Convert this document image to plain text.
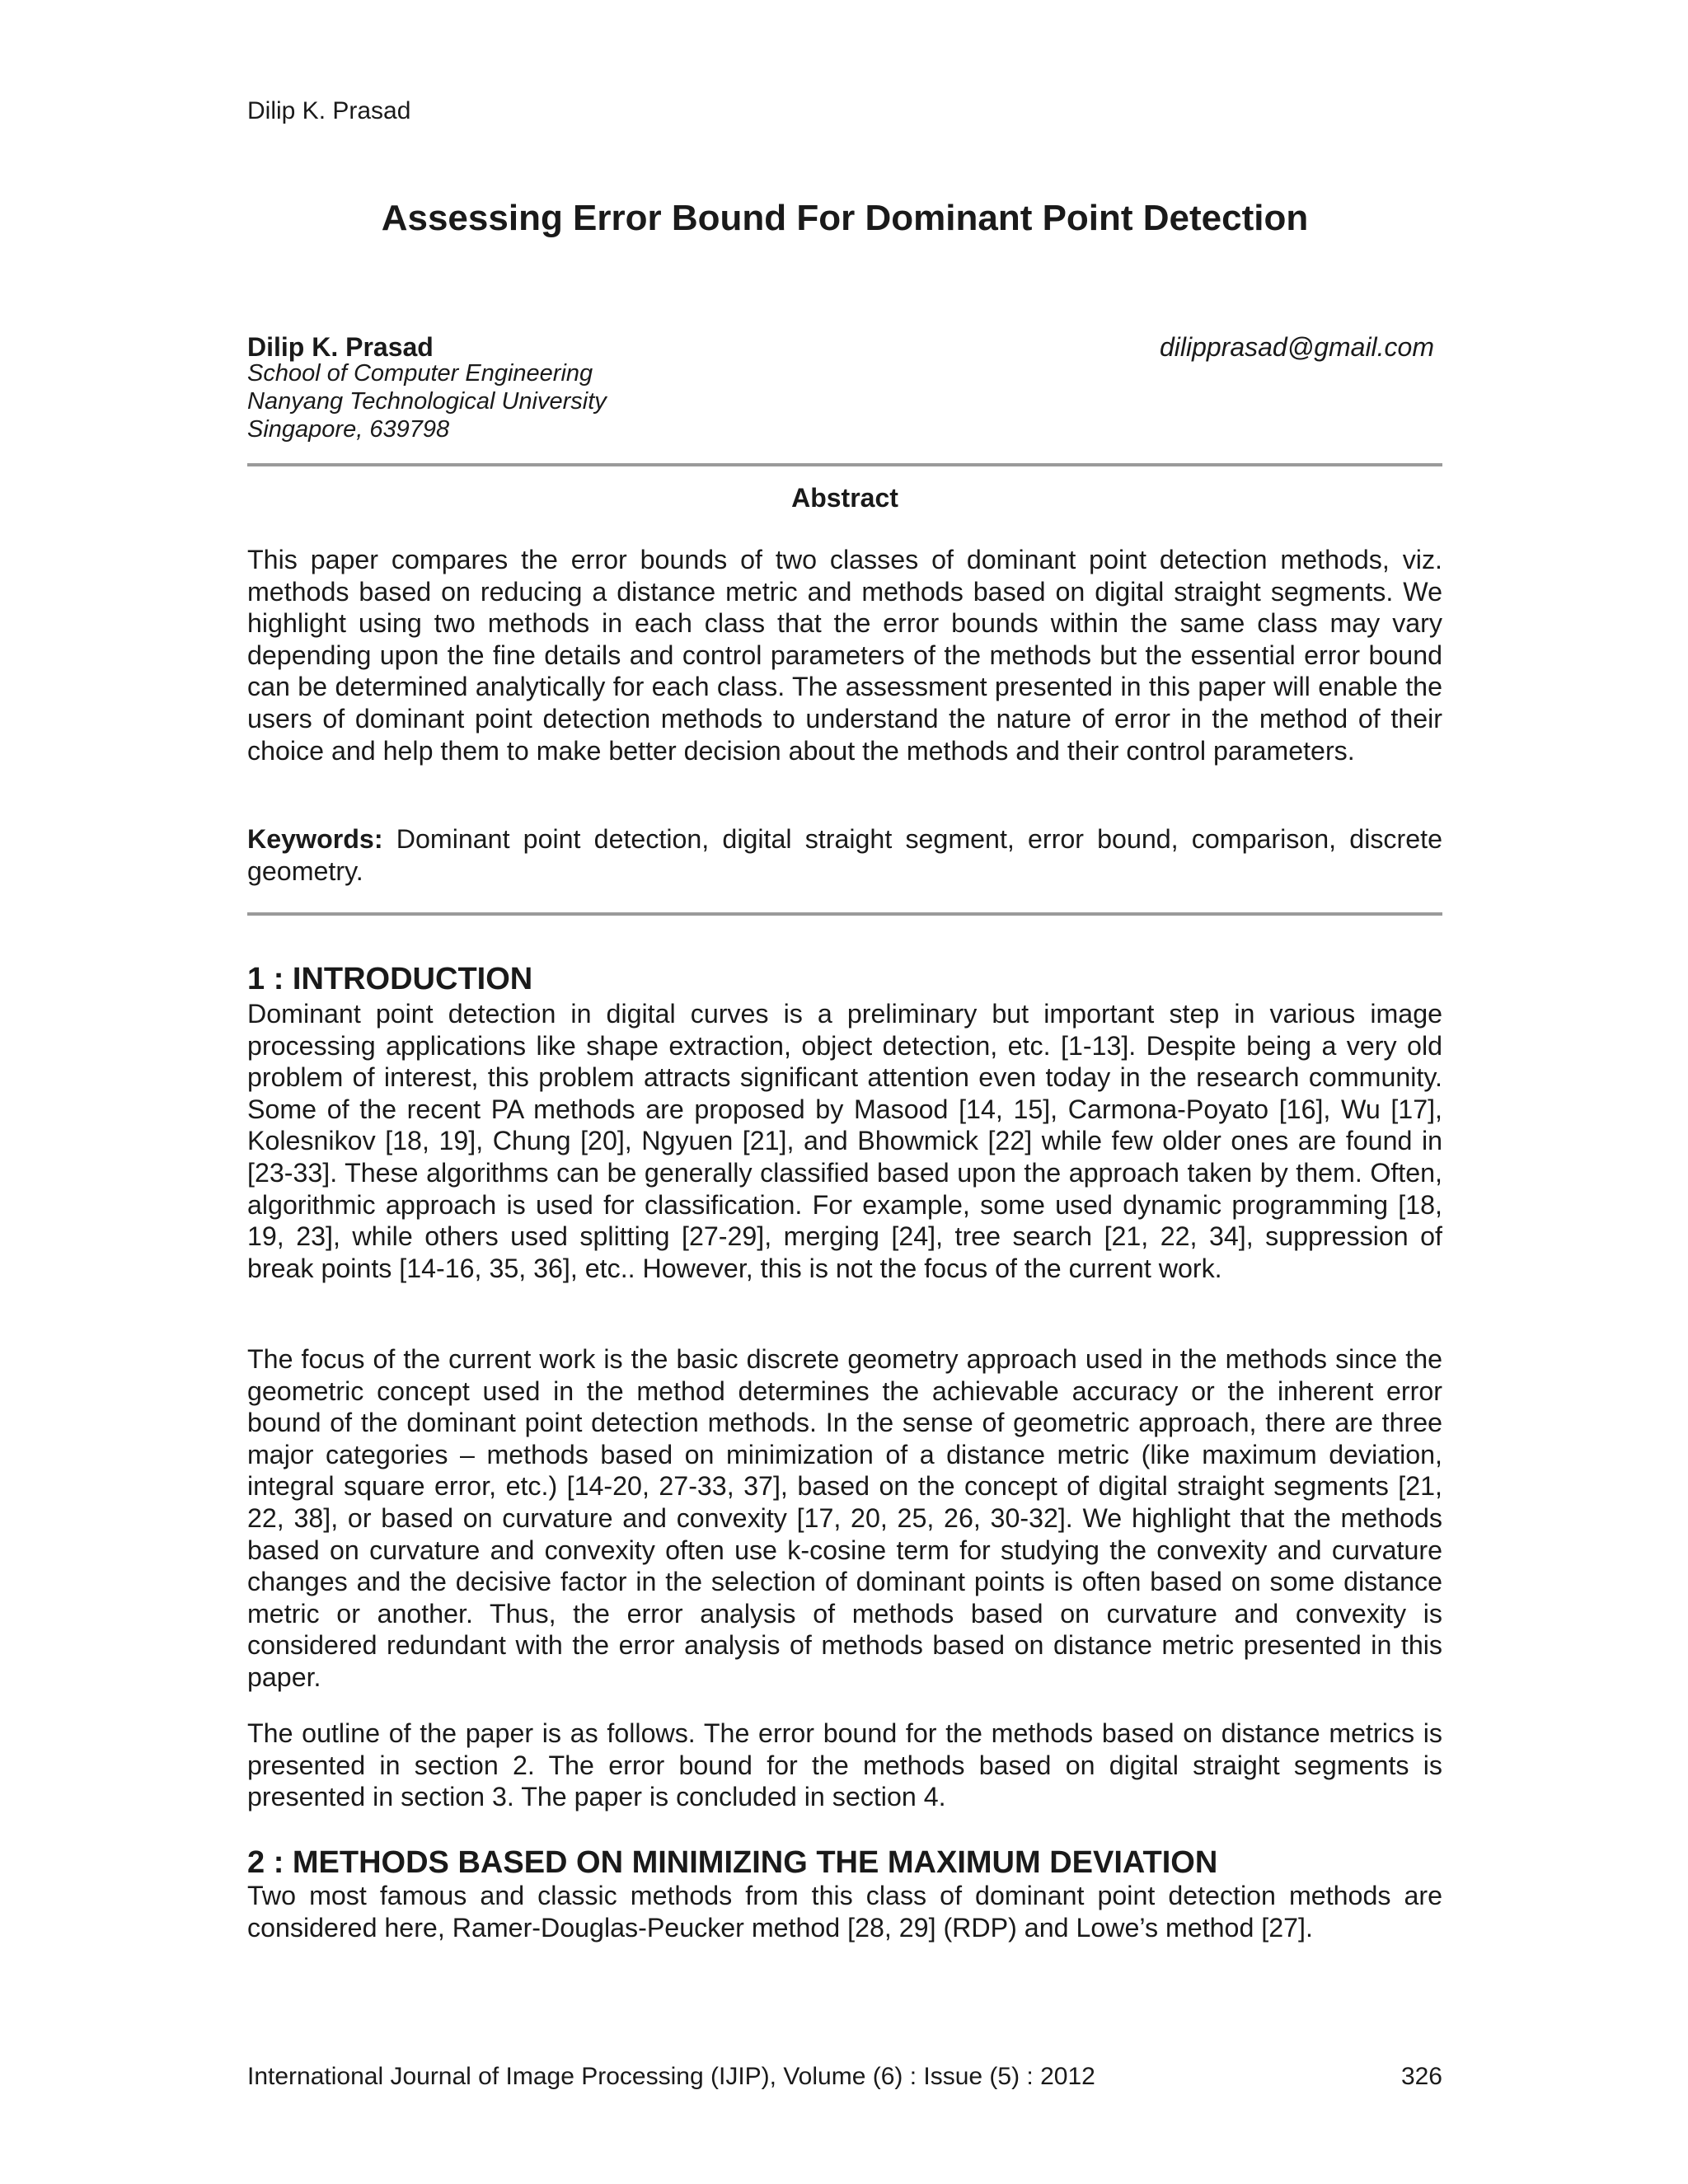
Dilip K. Prasad
Assessing Error Bound For Dominant Point Detection
Dilip K. Prasad	dilipprasad@gmail.com
School of Computer Engineering
Nanyang Technological University
Singapore, 639798
Abstract

This paper compares the error bounds of two classes of dominant point detection methods, viz. methods based on reducing a distance metric and methods based on digital straight segments. We highlight using two methods in each class that the error bounds within the same class may vary depending upon the fine details and control parameters of the methods but the essential error bound can be determined analytically for each class. The assessment presented in this paper will enable the users of dominant point detection methods to understand the nature of error in the method of their choice and help them to make better decision about the methods and their control parameters.

Keywords: Dominant point detection, digital straight segment, error bound, comparison, discrete geometry.

1 : INTRODUCTION

Dominant point detection in digital curves is a preliminary but important step in various image processing applications like shape extraction, object detection, etc. [1-13]. Despite being a very old problem of interest, this problem attracts significant attention even today in the research community. Some of the recent PA methods are proposed by Masood [14, 15], Carmona-Poyato [16], Wu [17], Kolesnikov [18, 19], Chung [20], Ngyuen [21], and Bhowmick [22] while few older ones are found in [23-33]. These algorithms can be generally classified based upon the approach taken by them. Often, algorithmic approach is used for classification. For example, some used dynamic programming [18, 19, 23], while others used splitting [27-29], merging [24], tree search [21, 22, 34], suppression of break points [14-16, 35, 36], etc.. However, this is not the focus of the current work.

The focus of the current work is the basic discrete geometry approach used in the methods since the geometric concept used in the method determines the achievable accuracy or the inherent error bound of the dominant point detection methods. In the sense of geometric approach, there are three major categories – methods based on minimization of a distance metric (like maximum deviation, integral square error, etc.) [14-20, 27-33, 37], based on the concept of digital straight segments [21, 22, 38], or based on curvature and convexity [17, 20, 25, 26, 30-32]. We highlight that the methods based on curvature and convexity often use k-cosine term for studying the convexity and curvature changes and the decisive factor in the selection of dominant points is often based on some distance metric or another. Thus, the error analysis of methods based on curvature and convexity is considered redundant with the error analysis of methods based on distance metric presented in this paper.

The outline of the paper is as follows. The error bound for the methods based on distance metrics is presented in section 2. The error bound for the methods based on digital straight segments is presented in section 3. The paper is concluded in section 4.

2 : METHODS BASED ON MINIMIZING THE MAXIMUM DEVIATION

Two most famous and classic methods from this class of dominant point detection methods are considered here, Ramer-Douglas-Peucker method [28, 29] (RDP) and Lowe’s method [27].

International Journal of Image Processing (IJIP), Volume (6) : Issue (5) : 2012	326
